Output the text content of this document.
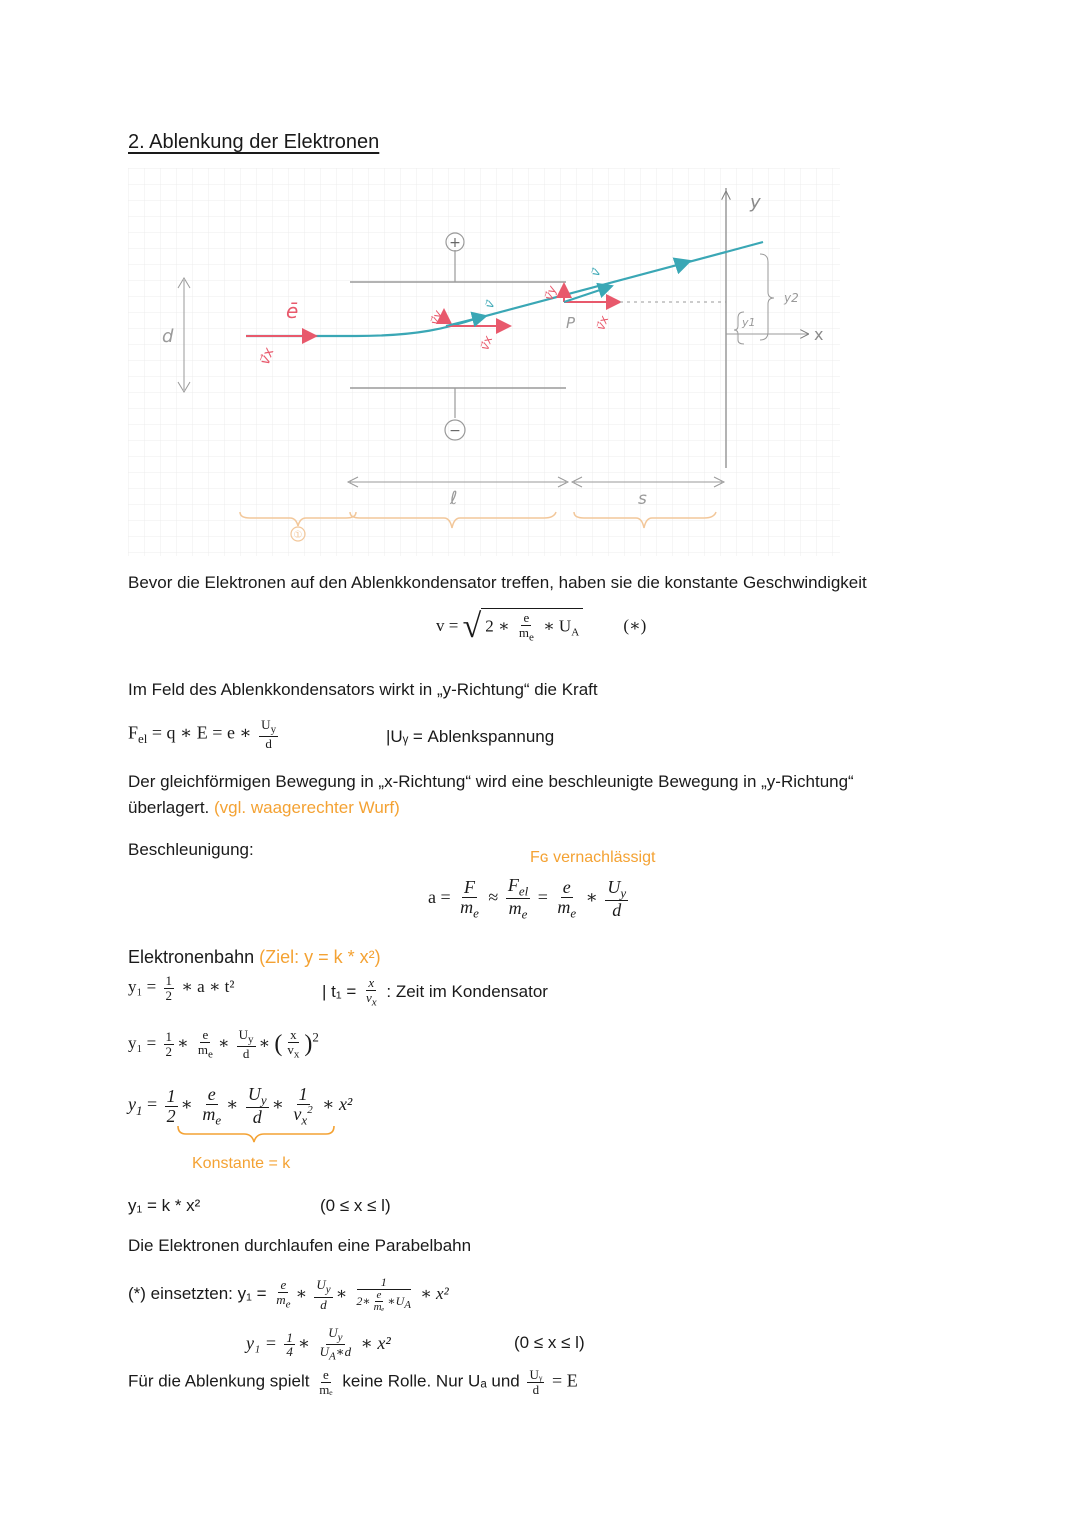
2. Ablenkung der Elektronen
+
−
y
x
d
ē
v⃗x
v⃗y
v⃗
v⃗x
v⃗y
v⃗
P v⃗x	y1
y2
ℓ	s
①
Bevor die Elektronen auf den Ablenkkondensator treffen, haben sie die konstante Geschwindigkeit
v = √ 2 ∗ $\frac{e}{m_e}$ ∗ $U_A$	(∗)
Im Feld des Ablenkkondensators wirkt in „y-Richtung“ die Kraft
$F_{el} = q$ ∗ E = e ∗ $\frac{U_y}{d}$	|Uᵧ = Ablenkspannung
Der gleichförmigen Bewegung in „x-Richtung“ wird eine beschleunigte Bewegung in „y-Richtung“
überlagert. (vgl. waagerechter Wurf)
Beschleunigung:	Fɢ vernachlässigt
$a = \frac{F}{m_e} \approx \frac{F_{el}}{m_e} = \frac{e}{m_e}$ ∗ $\frac{U_y}{d}$
Elektronenbahn (Ziel: y = k * x²)
$y_1 = \frac{1}{2}$ ∗ a ∗ t²	| $t_1 = \frac{x}{v_x}$ : Zeit im Kondensator
$y_1 = \frac{1}{2}$ ∗ $\frac{e}{m_e}$ ∗ $\frac{U_y}{d}$ ∗ ( $\frac{x}{v_x} )^2$
$y_1 = \frac{1}{2}$ ∗ $\frac{e}{m_e}$ ∗ $\frac{U_y}{d}$ ∗ $\frac{1}{v_x^2}$ ∗ x²
Konstante = k
y₁ = k * x²	(0 ≤ x ≤ l)
Die Elektronen durchlaufen eine Parabelbahn
(*) einsetzten: $y_1 = \frac{e}{m_e}$ ∗ $\frac{U_y}{d}$ ∗ $\frac{1}{2∗ \frac{e}{\text{mₑ}} ∗U_A}$ ∗ x²
$y_1 = \frac{1}{4}$ ∗ $\frac{U_y}{U_A∗d}$ ∗ x²	(0 ≤ x ≤ l)
Für die Ablenkung spielt $\frac{e}{\text{mₑ}}$ keine Rolle. Nur Uₐ und $\frac{\text{Uᵧ}}{d} = E$
